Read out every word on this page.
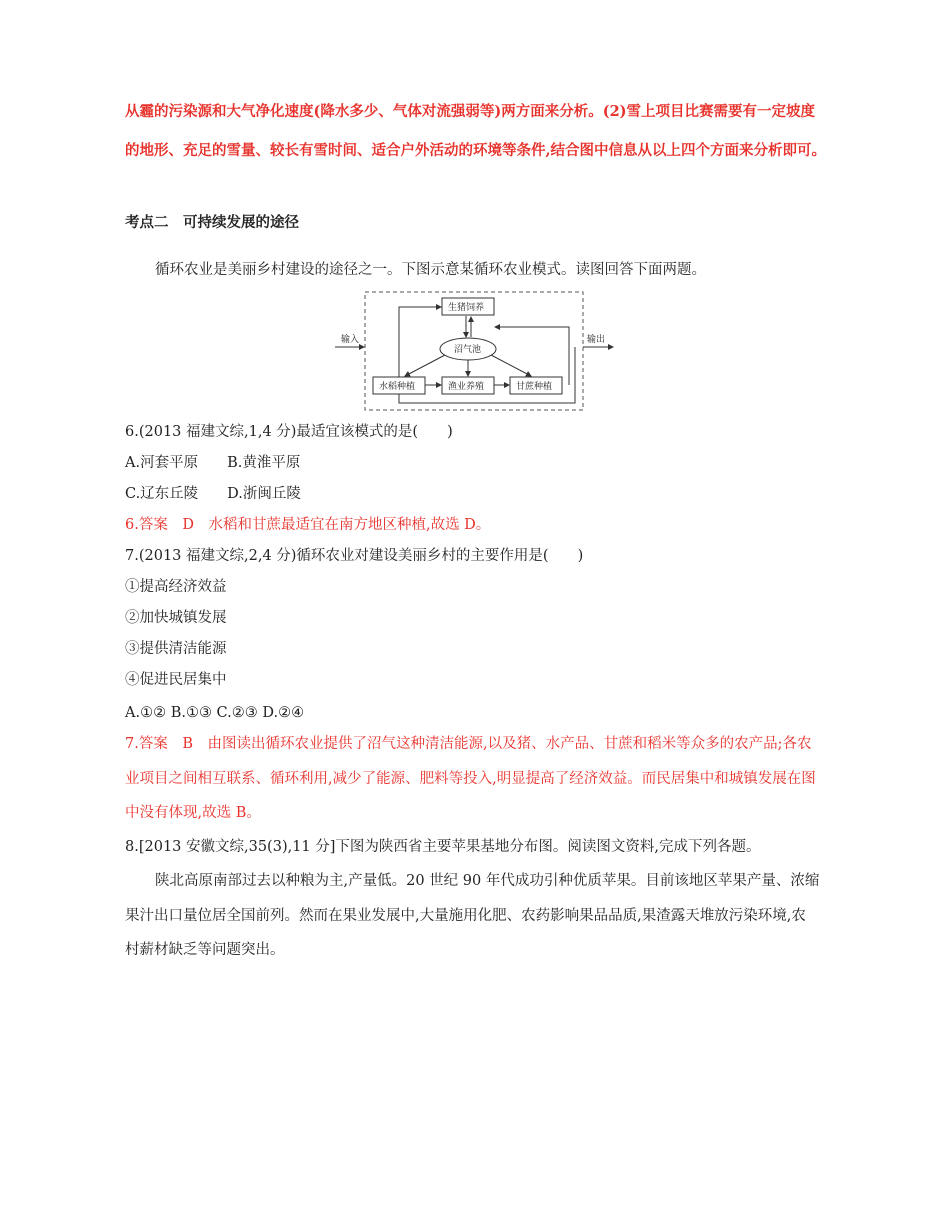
从霾的污染源和大气净化速度(降水多少、气体对流强弱等)两方面来分析。(2)雪上项目比赛需要有一定坡度
的地形、充足的雪量、较长有雪时间、适合户外活动的环境等条件,结合图中信息从以上四个方面来分析即可。
考点二　可持续发展的途径
循环农业是美丽乡村建设的途径之一。下图示意某循环农业模式。读图回答下面两题。
输入	输出
生猪饲养
沼气池
水稻种植	渔业养殖	甘蔗种植
6.(2013 福建文综,1,4 分)最适宜该模式的是(　　)
A.河套平原　　B.黄淮平原
C.辽东丘陵　　D.浙闽丘陵
6.答案　D　水稻和甘蔗最适宜在南方地区种植,故选 D。
7.(2013 福建文综,2,4 分)循环农业对建设美丽乡村的主要作用是(　　)
①提高经济效益
②加快城镇发展
③提供清洁能源
④促进民居集中
A.①② B.①③ C.②③ D.②④
7.答案　B　由图读出循环农业提供了沼气这种清洁能源,以及猪、水产品、甘蔗和稻米等众多的农产品;各农
业项目之间相互联系、循环利用,减少了能源、肥料等投入,明显提高了经济效益。而民居集中和城镇发展在图
中没有体现,故选 B。
8.[2013 安徽文综,35(3),11 分]下图为陕西省主要苹果基地分布图。阅读图文资料,完成下列各题。
陕北高原南部过去以种粮为主,产量低。20 世纪 90 年代成功引种优质苹果。目前该地区苹果产量、浓缩
果汁出口量位居全国前列。然而在果业发展中,大量施用化肥、农药影响果品品质,果渣露天堆放污染环境,农
村薪材缺乏等问题突出。
